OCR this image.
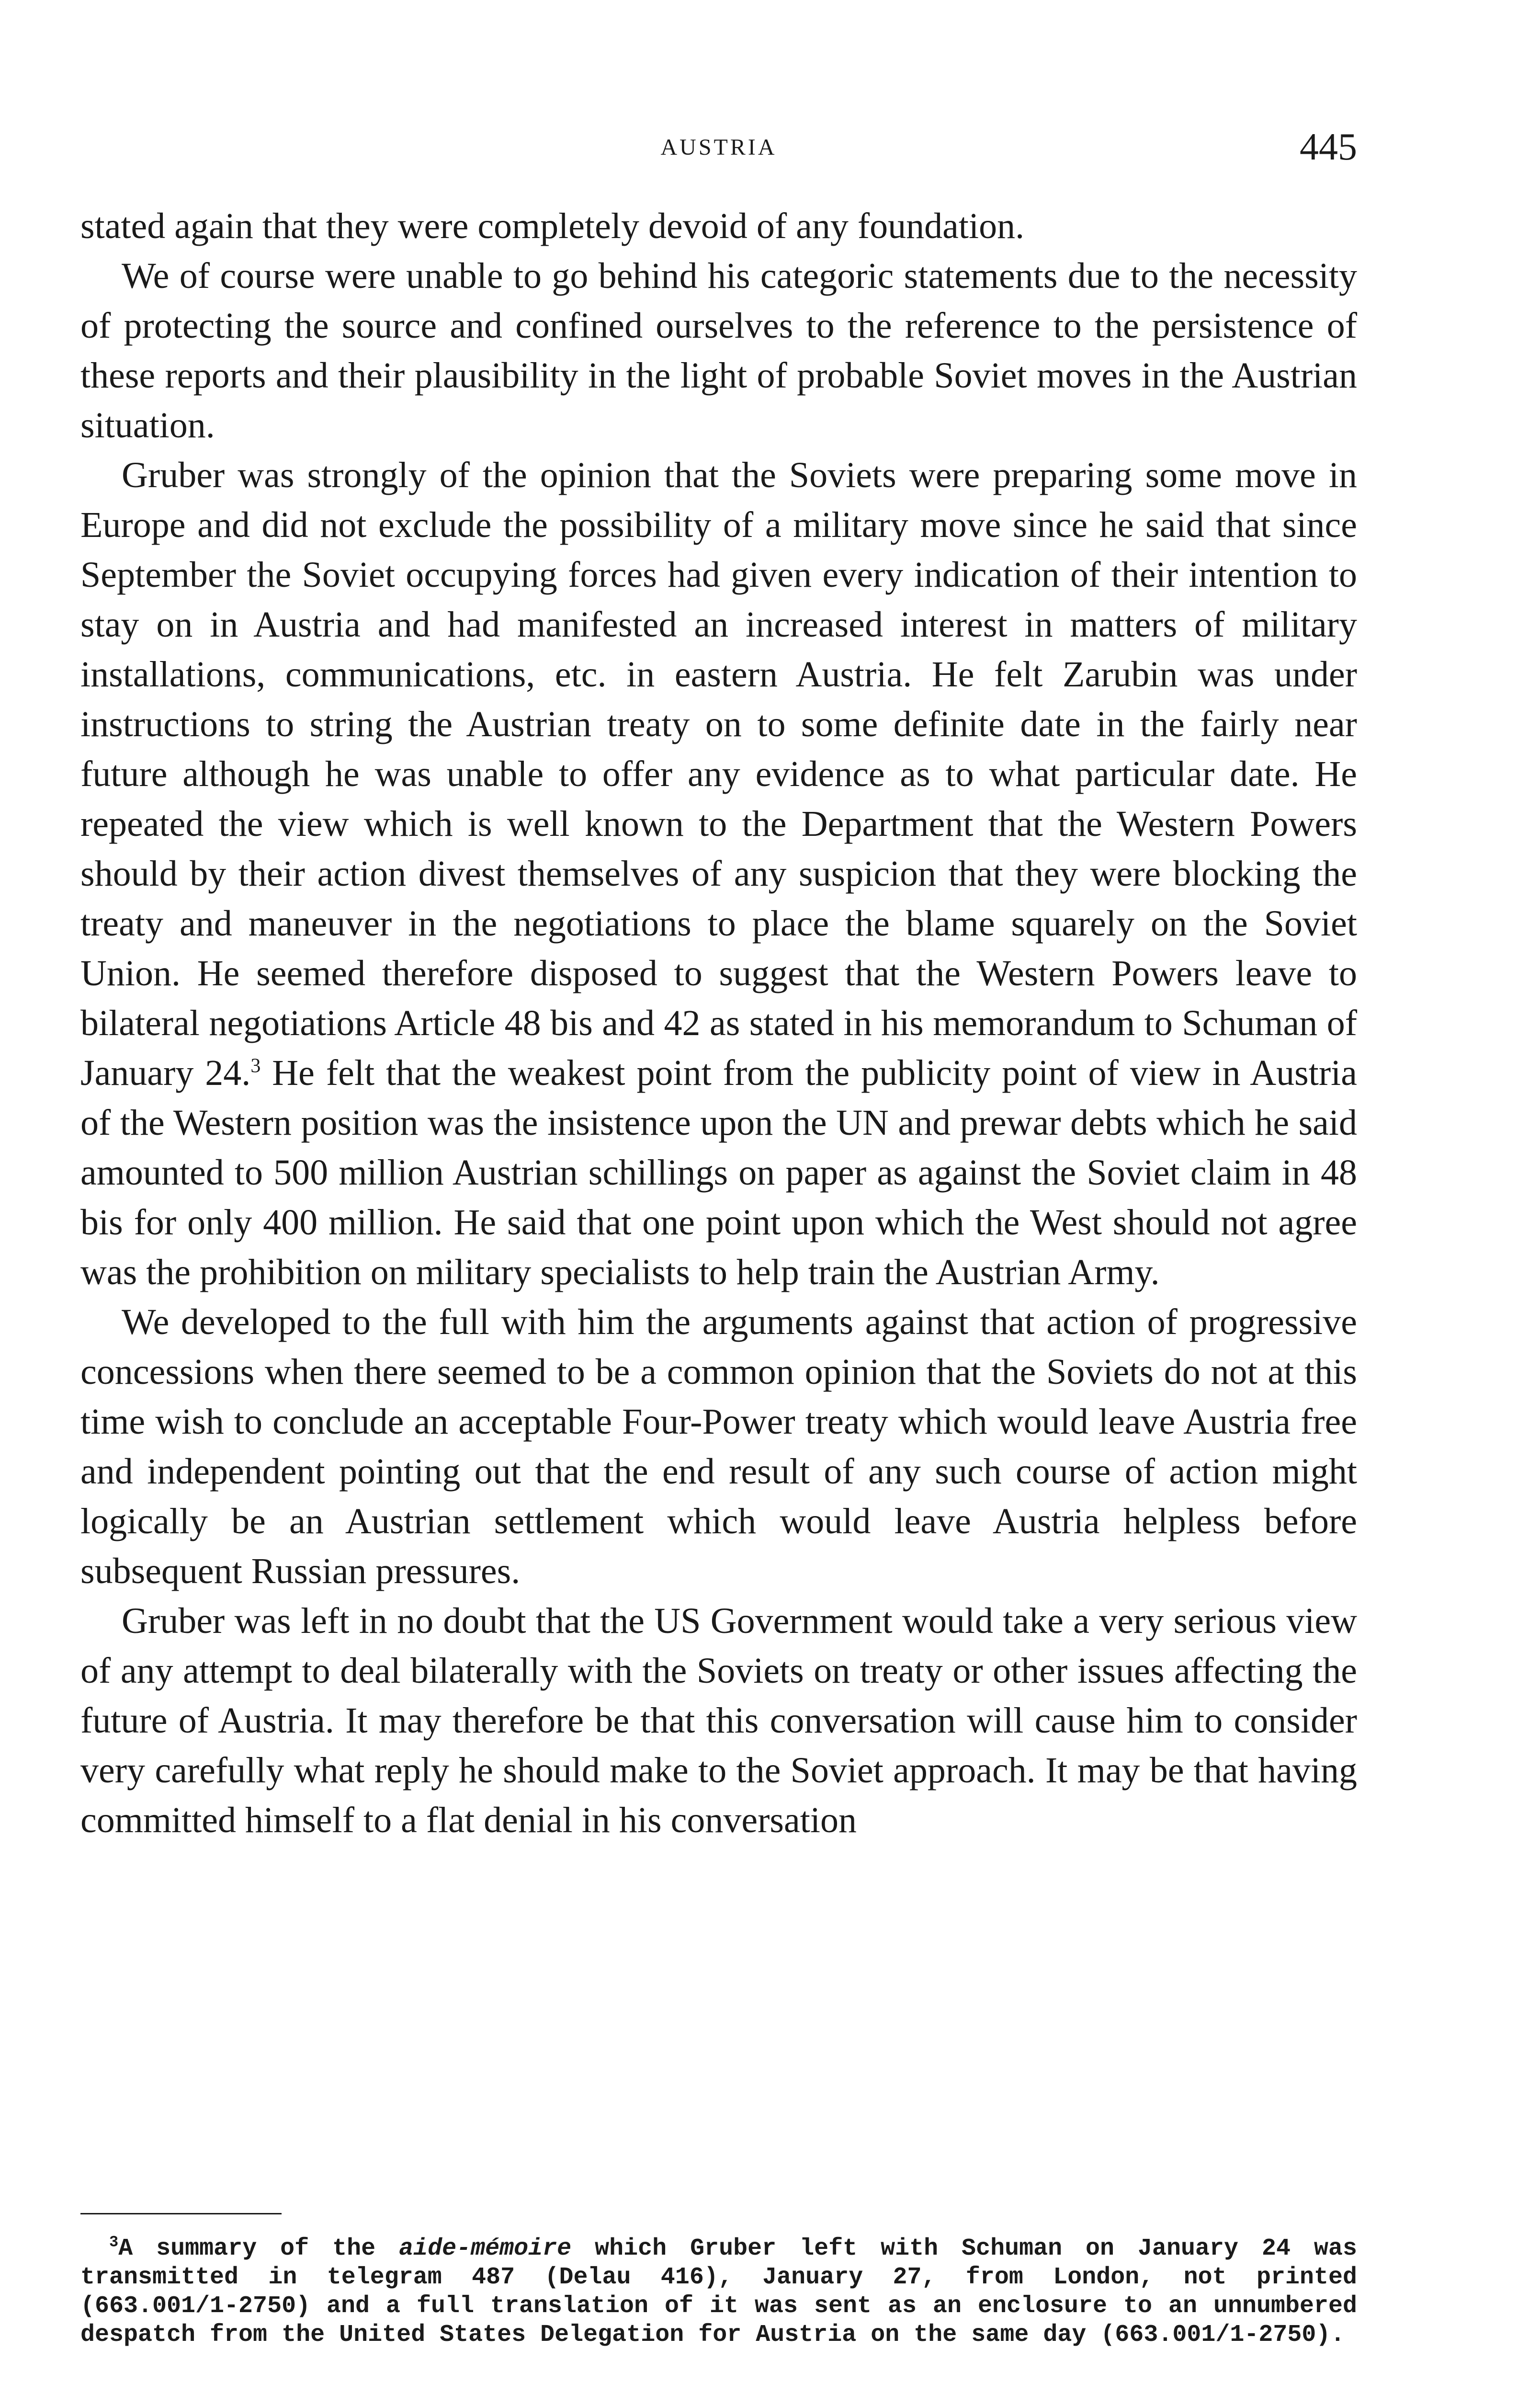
AUSTRIA	445

stated again that they were completely devoid of any foundation.

We of course were unable to go behind his categoric statements due to the necessity of protecting the source and confined ourselves to the reference to the persistence of these reports and their plausibility in the light of probable Soviet moves in the Austrian situation.

Gruber was strongly of the opinion that the Soviets were preparing some move in Europe and did not exclude the possibility of a military move since he said that since September the Soviet occupying forces had given every indication of their intention to stay on in Austria and had manifested an increased interest in matters of military installations, communications, etc. in eastern Austria. He felt Zarubin was under instructions to string the Austrian treaty on to some definite date in the fairly near future although he was unable to offer any evidence as to what particular date. He repeated the view which is well known to the Department that the Western Powers should by their action divest themselves of any suspicion that they were blocking the treaty and maneuver in the negotiations to place the blame squarely on the Soviet Union. He seemed therefore disposed to suggest that the Western Powers leave to bilateral negotiations Article 48 bis and 42 as stated in his memorandum to Schuman of January 24.$^3$ He felt that the weakest point from the publicity point of view in Austria of the Western position was the insistence upon the UN and prewar debts which he said amounted to 500 million Austrian schillings on paper as against the Soviet claim in 48 bis for only 400 million. He said that one point upon which the West should not agree was the prohibition on military specialists to help train the Austrian Army.

We developed to the full with him the arguments against that action of progressive concessions when there seemed to be a common opinion that the Soviets do not at this time wish to conclude an acceptable Four-Power treaty which would leave Austria free and independent pointing out that the end result of any such course of action might logically be an Austrian settlement which would leave Austria helpless before subsequent Russian pressures.

Gruber was left in no doubt that the US Government would take a very serious view of any attempt to deal bilaterally with the Soviets on treaty or other issues affecting the future of Austria. It may therefore be that this conversation will cause him to consider very carefully what reply he should make to the Soviet approach. It may be that having committed himself to a flat denial in his conversation

$^3$A summary of the aide-mémoire which Gruber left with Schuman on January 24 was transmitted in telegram 487 (Delau 416), January 27, from London, not printed (663.001/1-2750) and a full translation of it was sent as an enclosure to an unnumbered despatch from the United States Delegation for Austria on the same day (663.001/1-2750).
